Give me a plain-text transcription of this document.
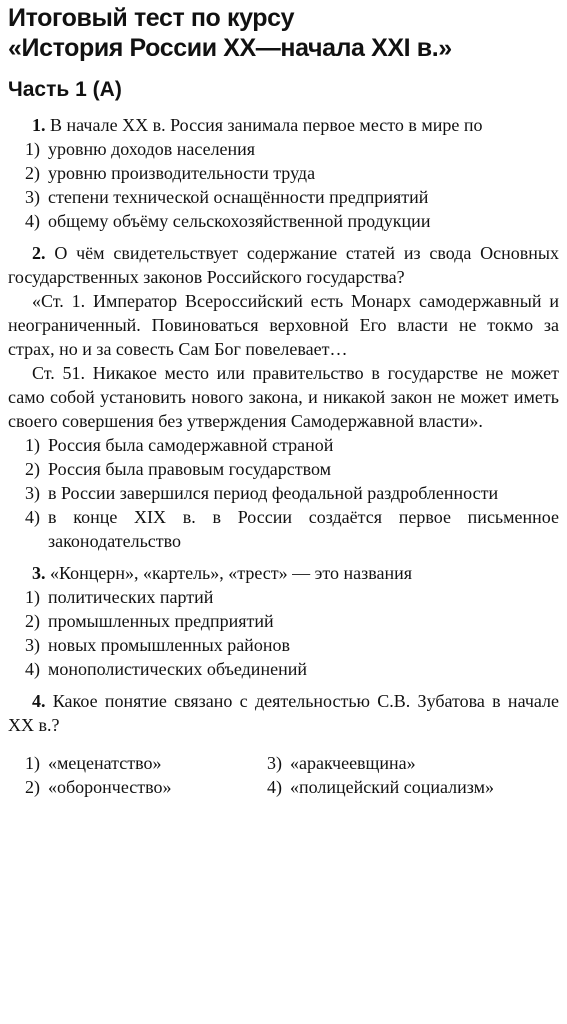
Итоговый тест по курсу
«История России XX—начала XXI в.»
Часть 1 (А)

1. В начале XX в. Россия занимала первое место в мире по

1) уровню доходов населения
2) уровню производительности труда
3) степени технической оснащённости предприятий
4) общему объёму сельскохозяйственной продукции

2. О чём свидетельствует содержание статей из свода Основных государственных законов Российского государства?

«Ст. 1. Император Всероссийский есть Монарх самодержавный и неограниченный. Повиноваться верховной Его власти не токмо за страх, но и за совесть Сам Бог повелевает…

Ст. 51. Никакое место или правительство в государстве не может само собой установить нового закона, и никакой закон не может иметь своего совершения без утверждения Самодержавной власти».

1) Россия была самодержавной страной
2) Россия была правовым государством
3) в России завершился период феодальной раздробленности
4) в конце XIX в. в России создаётся первое письменное законодательство

3. «Концерн», «картель», «трест» — это названия

1) политических партий
2) промышленных предприятий
3) новых промышленных районов
4) монополистических объединений

4. Какое понятие связано с деятельностью С.В. Зубатова в начале XX в.?

1) «меценатство»	3) «аракчеевщина»
2) «оборончество»	4) «полицейский социализм»
